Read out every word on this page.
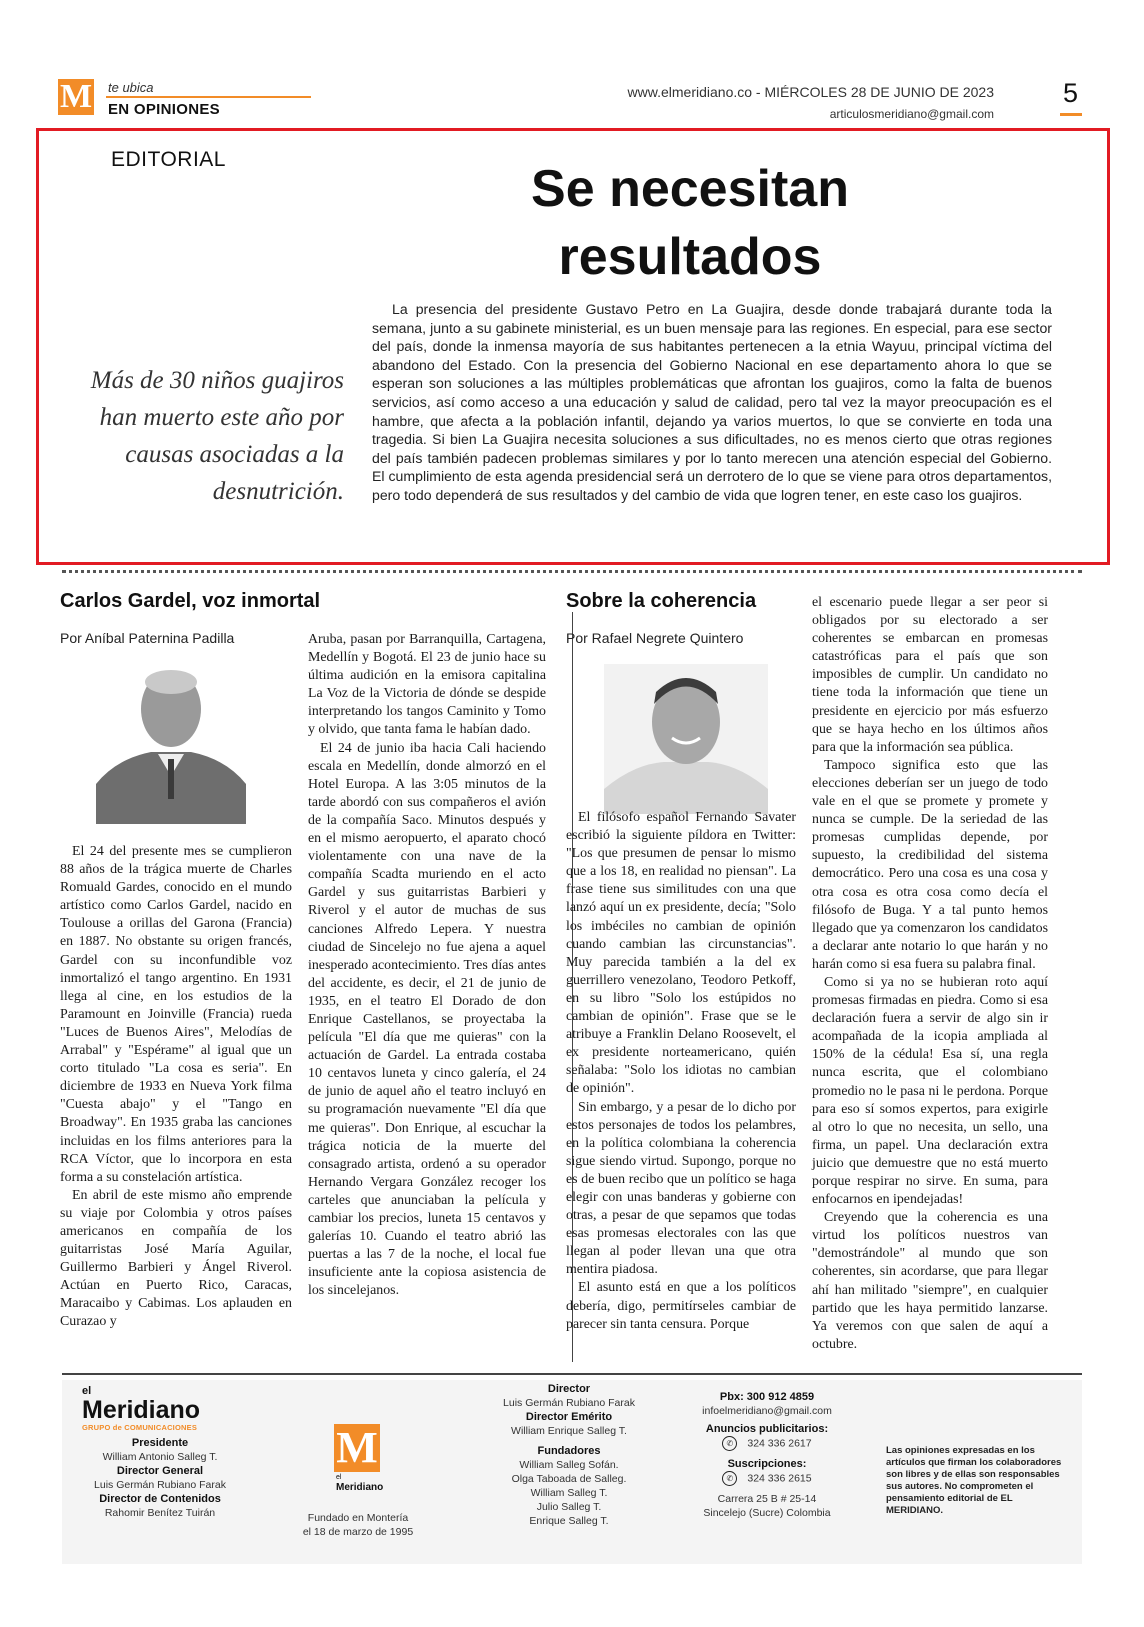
M te ubica
EN OPINIONES
www.elmeridiano.co - MIÉRCOLES 28 DE JUNIO DE 2023
articulosmeridiano@gmail.com
5
EDITORIAL
Se necesitan
resultados
Más de 30 niños guajiros han muerto este año por causas asociadas a la desnutrición.

La presencia del presidente Gustavo Petro en La Guajira, desde donde trabajará durante toda la semana, junto a su gabinete ministerial, es un buen mensaje para las regiones. En especial, para ese sector del país, donde la inmensa mayoría de sus habitantes pertenecen a la etnia Wayuu, principal víctima del abandono del Estado. Con la presencia del Gobierno Nacional en ese departamento ahora lo que se esperan son soluciones a las múltiples problemáticas que afrontan los guajiros, como la falta de buenos servicios, así como acceso a una educación y salud de calidad, pero tal vez la mayor preocupación es el hambre, que afecta a la población infantil, dejando ya varios muertos, lo que se convierte en toda una tragedia. Si bien La Guajira necesita soluciones a sus dificultades, no es menos cierto que otras regiones del país también padecen problemas similares y por lo tanto merecen una atención especial del Gobierno. El cumplimiento de esta agenda presidencial será un derrotero de lo que se viene para otros departamentos, pero todo dependerá de sus resultados y del cambio de vida que logren tener, en este caso los guajiros.

Carlos Gardel, voz inmortal
Por Aníbal Paternina Padilla

El 24 del presente mes se cumplieron 88 años de la trágica muerte de Charles Romuald Gardes, conocido en el mundo artístico como Carlos Gardel, nacido en Toulouse a orillas del Garona (Francia) en 1887. No obstante su origen francés, Gardel con su inconfundible voz inmortalizó el tango argentino. En 1931 llega al cine, en los estudios de la Paramount en Joinville (Francia) rueda "Luces de Buenos Aires", Melodías de Arrabal" y "Espérame" al igual que un corto titulado "La cosa es seria". En diciembre de 1933 en Nueva York filma "Cuesta abajo" y el "Tango en Broadway". En 1935 graba las canciones incluidas en los films anteriores para la RCA Víctor, que lo incorpora en esta forma a su constelación artística.

En abril de este mismo año emprende su viaje por Colombia y otros países americanos en compañía de los guitarristas José María Aguilar, Guillermo Barbieri y Ángel Riverol. Actúan en Puerto Rico, Caracas, Maracaibo y Cabimas. Los aplauden en Curazao y

Aruba, pasan por Barranquilla, Cartagena, Medellín y Bogotá. El 23 de junio hace su última audición en la emisora capitalina La Voz de la Victoria de dónde se despide interpretando los tangos Caminito y Tomo y olvido, que tanta fama le habían dado.

El 24 de junio iba hacia Cali haciendo escala en Medellín, donde almorzó en el Hotel Europa. A las 3:05 minutos de la tarde abordó con sus compañeros el avión de la compañía Saco. Minutos después y en el mismo aeropuerto, el aparato chocó violentamente con una nave de la compañía Scadta muriendo en el acto Gardel y sus guitarristas Barbieri y Riverol y el autor de muchas de sus canciones Alfredo Lepera. Y nuestra ciudad de Sincelejo no fue ajena a aquel inesperado acontecimiento. Tres días antes del accidente, es decir, el 21 de junio de 1935, en el teatro El Dorado de don Enrique Castellanos, se proyectaba la película "El día que me quieras" con la actuación de Gardel. La entrada costaba 10 centavos luneta y cinco galería, el 24 de junio de aquel año el teatro incluyó en su programación nuevamente "El día que me quieras". Don Enrique, al escuchar la trágica noticia de la muerte del consagrado artista, ordenó a su operador Hernando Vergara González recoger los carteles que anunciaban la película y cambiar los precios, luneta 15 centavos y galerías 10. Cuando el teatro abrió las puertas a las 7 de la noche, el local fue insuficiente ante la copiosa asistencia de los sincelejanos.

Sobre la coherencia
Por Rafael Negrete Quintero

El filósofo español Fernando Savater escribió la siguiente píldora en Twitter: "Los que presumen de pensar lo mismo que a los 18, en realidad no piensan". La frase tiene sus similitudes con una que lanzó aquí un ex presidente, decía; "Solo los imbéciles no cambian de opinión cuando cambian las circunstancias". Muy parecida también a la del ex guerrillero venezolano, Teodoro Petkoff, en su libro "Solo los estúpidos no cambian de opinión". Frase que se le atribuye a Franklin Delano Roosevelt, el ex presidente norteamericano, quién señalaba: "Solo los idiotas no cambian de opinión".

Sin embargo, y a pesar de lo dicho por estos personajes de todos los pelambres, en la política colombiana la coherencia sigue siendo virtud. Supongo, porque no es de buen recibo que un político se haga elegir con unas banderas y gobierne con otras, a pesar de que sepamos que todas esas promesas electorales con las que llegan al poder llevan una que otra mentira piadosa.

El asunto está en que a los políticos debería, digo, permitírseles cambiar de parecer sin tanta censura. Porque

el escenario puede llegar a ser peor si obligados por su electorado a ser coherentes se embarcan en promesas catastróficas para el país que son imposibles de cumplir. Un candidato no tiene toda la información que tiene un presidente en ejercicio por más esfuerzo que se haya hecho en los últimos años para que la información sea pública.

Tampoco significa esto que las elecciones deberían ser un juego de todo vale en el que se promete y promete y nunca se cumple. De la seriedad de las promesas cumplidas depende, por supuesto, la credibilidad del sistema democrático. Pero una cosa es una cosa y otra cosa es otra cosa como decía el filósofo de Buga. Y a tal punto hemos llegado que ya comenzaron los candidatos a declarar ante notario lo que harán y no harán como si esa fuera su palabra final.

Como si ya no se hubieran roto aquí promesas firmadas en piedra. Como si esa declaración fuera a servir de algo sin ir acompañada de la icopia ampliada al 150% de la cédula! Esa sí, una regla nunca escrita, que el colombiano promedio no le pasa ni le perdona. Porque para eso sí somos expertos, para exigirle al otro lo que no necesita, un sello, una firma, un papel. Una declaración extra juicio que demuestre que no está muerto porque respirar no sirve. En suma, para enfocarnos en ipendejadas!

Creyendo que la coherencia es una virtud los políticos nuestros van "demostrándole" al mundo que son coherentes, sin acordarse, que para llegar ahí han militado "siempre", en cualquier partido que les haya permitido lanzarse. Ya veremos con que salen de aquí a octubre.

el
Meridiano
GRUPO de COMUNICACIONES
Presidente
William Antonio Salleg T.
Director General
Luis Germán Rubiano Farak
Director de Contenidos
Rahomir Benítez Tuirán
M
el
Meridiano
Fundado en Montería
el 18 de marzo de 1995
Director
Luis Germán Rubiano Farak
Director Emérito
William Enrique Salleg T.
Fundadores
William Salleg Sofán.
Olga Taboada de Salleg.
William Salleg T.
Julio Salleg T.
Enrique Salleg T.
Pbx: 300 912 4859
infoelmeridiano@gmail.com
Anuncios publicitarios:
✆ 324 336 2617
Suscripciones:
✆ 324 336 2615
Carrera 25 B # 25-14
Sincelejo (Sucre) Colombia
Las opiniones expresadas en los artículos que firman los colaboradores son libres y de ellas son responsables sus autores. No comprometen el pensamiento editorial de EL MERIDIANO.
